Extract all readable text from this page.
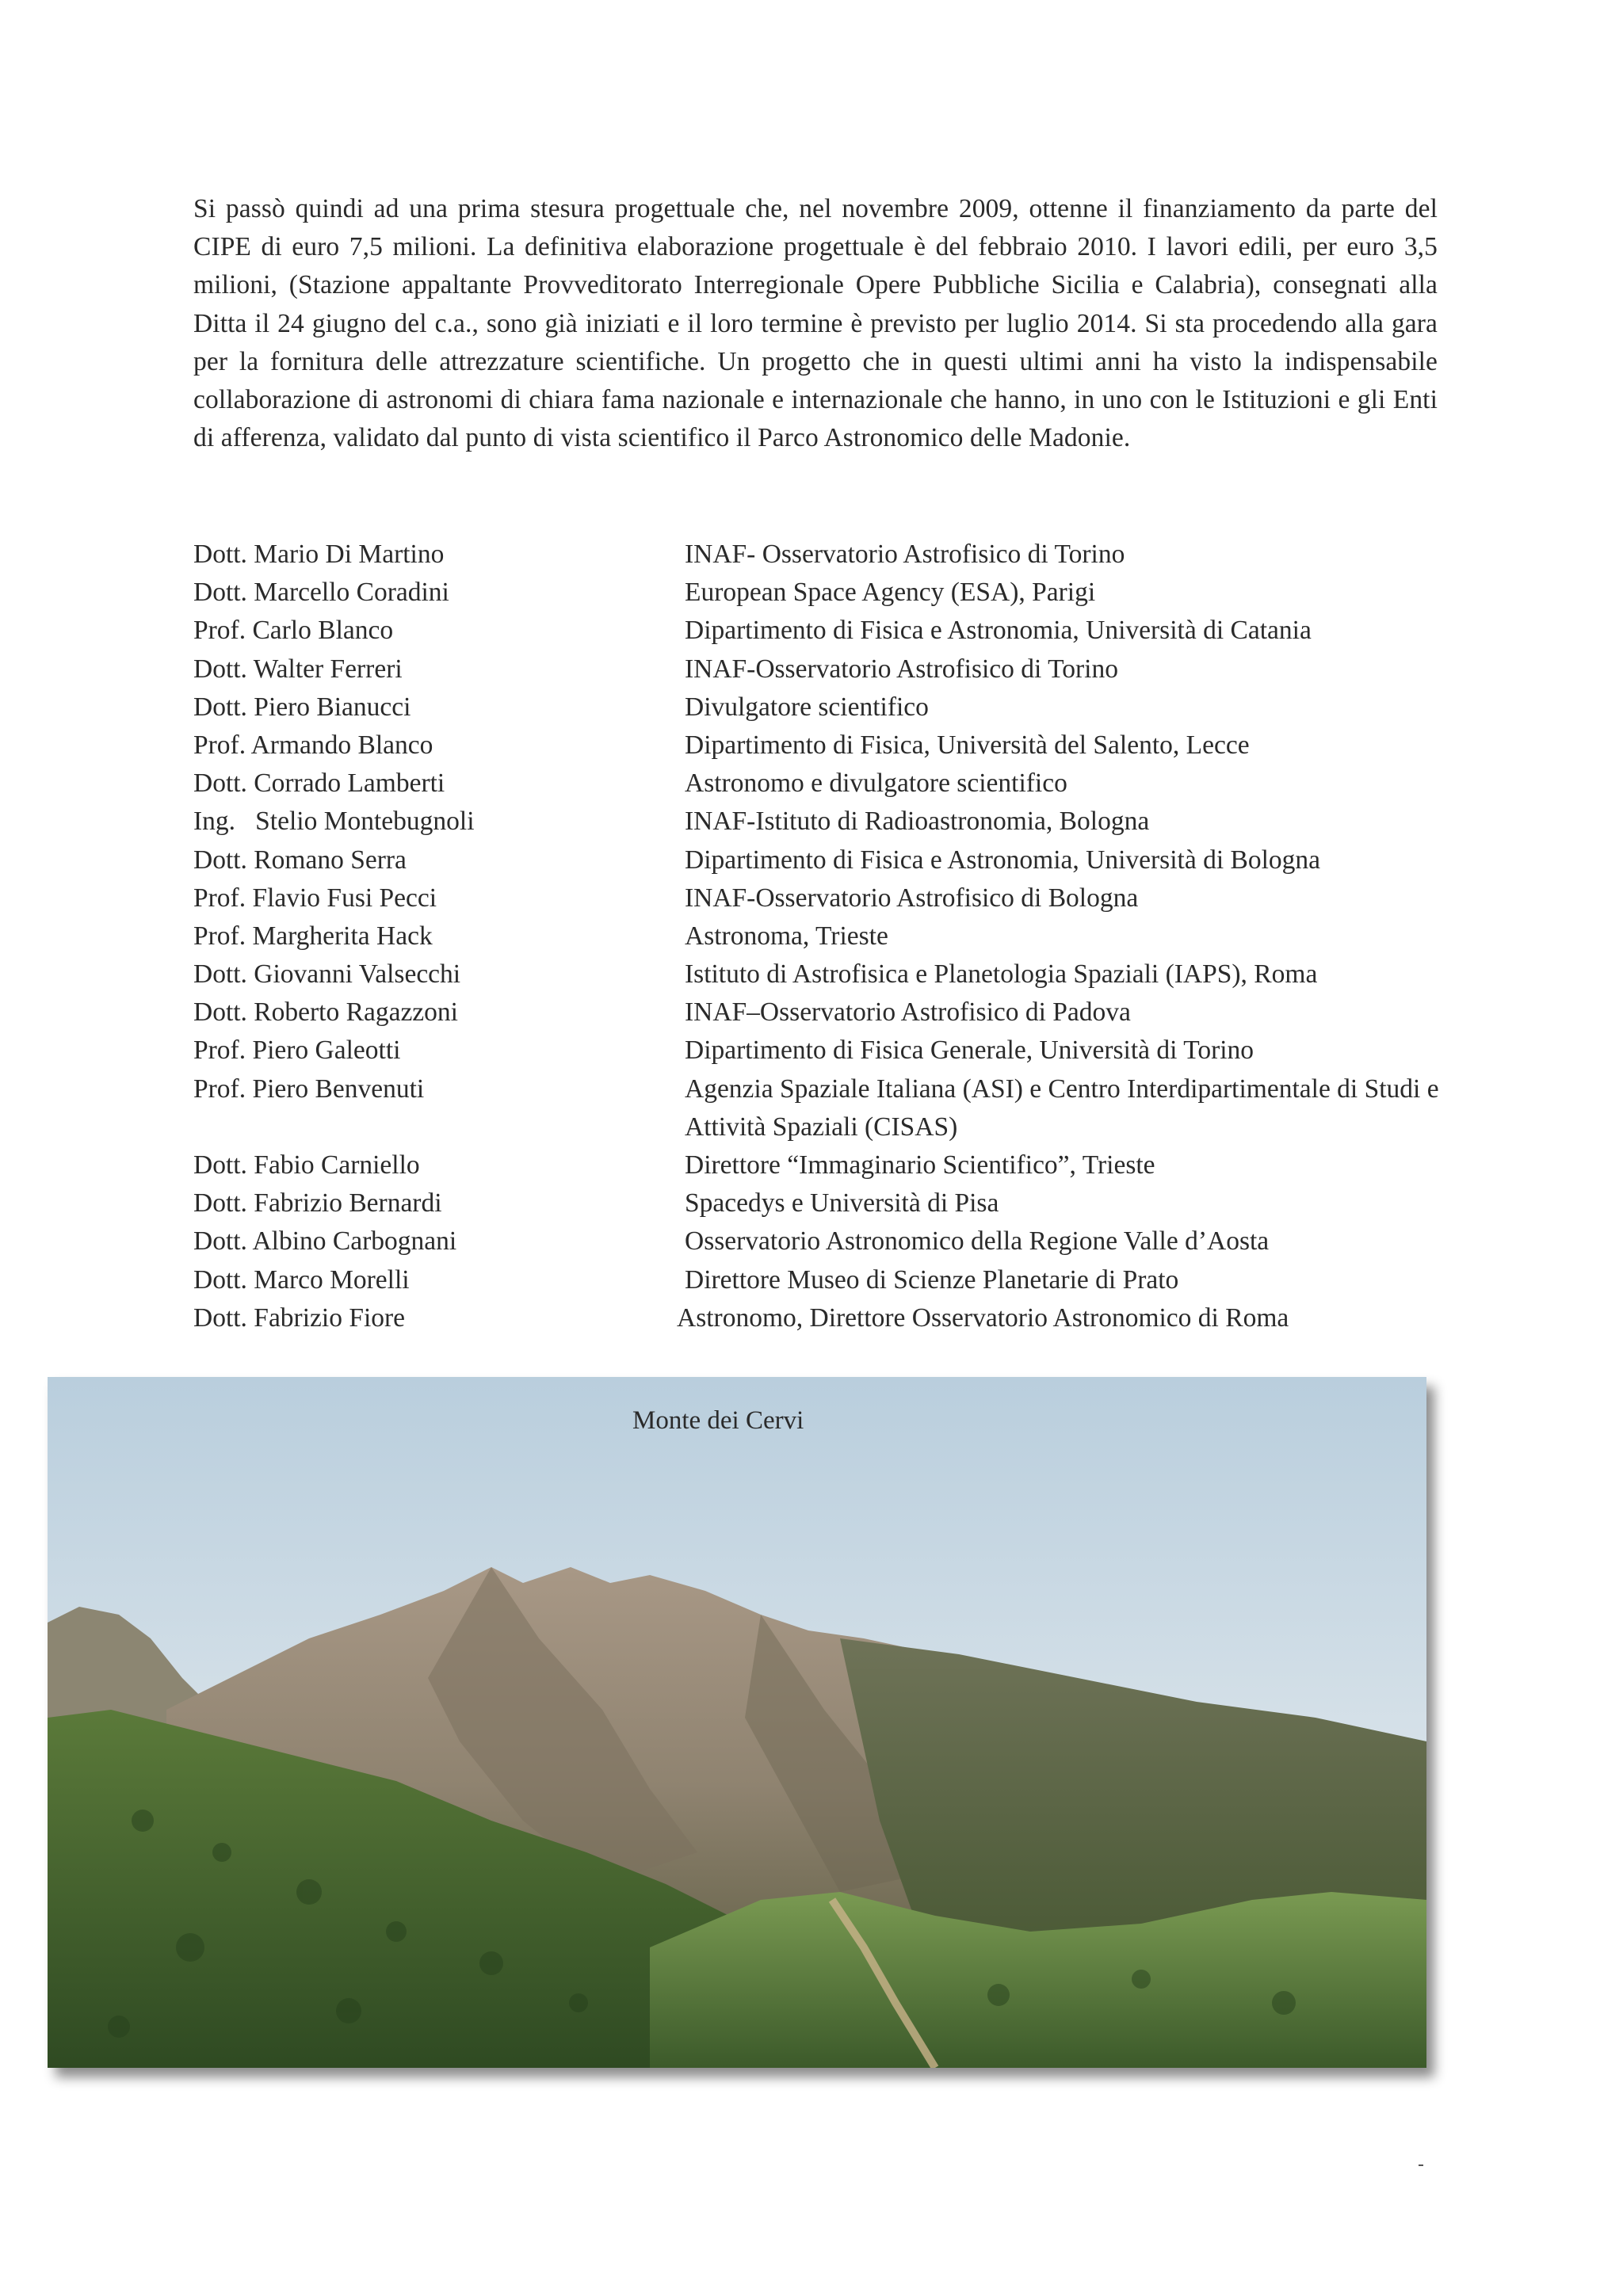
Si passò quindi ad una prima stesura progettuale che, nel novembre 2009, ottenne il finanziamento da parte del CIPE di euro 7,5 milioni. La definitiva elaborazione progettuale è del febbraio 2010. I lavori edili, per euro 3,5 milioni, (Stazione appaltante Provveditorato Interregionale Opere Pubbliche Sicilia e Calabria), consegnati alla Ditta il 24 giugno del c.a., sono già iniziati e il loro termine è previsto per luglio 2014. Si sta procedendo alla gara per la fornitura delle attrezzature scientifiche. Un progetto che in questi ultimi anni ha visto la indispensabile collaborazione di astronomi di chiara fama nazionale e internazionale che hanno, in uno con le Istituzioni e gli Enti di afferenza, validato dal punto di vista scientifico il Parco Astronomico delle Madonie.

Dott. Mario Di Martino	INAF- Osservatorio Astrofisico di Torino
Dott. Marcello Coradini	European Space Agency (ESA), Parigi
Prof. Carlo Blanco	Dipartimento di Fisica e Astronomia, Università di Catania
Dott. Walter Ferreri	INAF-Osservatorio Astrofisico di Torino
Dott. Piero Bianucci	Divulgatore scientifico
Prof. Armando Blanco	Dipartimento di Fisica, Università del Salento, Lecce
Dott. Corrado Lamberti	Astronomo e divulgatore scientifico
Ing.   Stelio Montebugnoli	INAF-Istituto di Radioastronomia, Bologna
Dott. Romano Serra	Dipartimento di Fisica e Astronomia, Università di Bologna
Prof. Flavio Fusi Pecci	INAF-Osservatorio Astrofisico di Bologna
Prof. Margherita Hack	Astronoma, Trieste
Dott. Giovanni Valsecchi	Istituto di Astrofisica e Planetologia Spaziali (IAPS), Roma
Dott. Roberto Ragazzoni	INAF–Osservatorio Astrofisico di Padova
Prof. Piero Galeotti	Dipartimento di Fisica Generale, Università di Torino
Prof. Piero Benvenuti	Agenzia Spaziale Italiana (ASI) e Centro Interdipartimentale di Studi e Attività Spaziali (CISAS)
Dott. Fabio Carniello	Direttore “Immaginario Scientifico”, Trieste
Dott. Fabrizio Bernardi	Spacedys e Università di Pisa
Dott. Albino Carbognani	Osservatorio Astronomico della Regione Valle d’Aosta
Dott. Marco Morelli	Direttore Museo di Scienze Planetarie di Prato
Dott. Fabrizio Fiore	Astronomo, Direttore Osservatorio Astronomico di Roma
Monte dei Cervi
